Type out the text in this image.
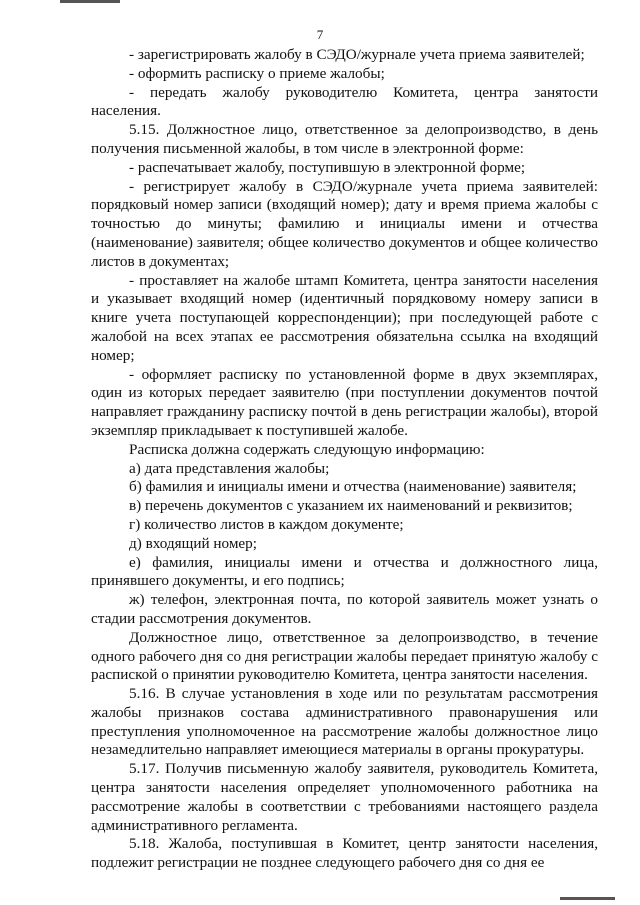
7

- зарегистрировать жалобу в СЭДО/журнале учета приема заявителей;

- оформить расписку о приеме жалобы;

- передать жалобу руководителю Комитета, центра занятости населения.

5.15. Должностное лицо, ответственное за делопроизводство, в день получения письменной жалобы, в том числе в электронной форме:

- распечатывает жалобу, поступившую в электронной форме;

- регистрирует жалобу в СЭДО/журнале учета приема заявителей: порядковый номер записи (входящий номер); дату и время приема жалобы с точностью до минуты; фамилию и инициалы имени и отчества (наименование) заявителя; общее количество документов и общее количество листов в документах;

- проставляет на жалобе штамп Комитета, центра занятости населения и указывает входящий номер (идентичный порядковому номеру записи в книге учета поступающей корреспонденции); при последующей работе с жалобой на всех этапах ее рассмотрения обязательна ссылка на входящий номер;

- оформляет расписку по установленной форме в двух экземплярах, один из которых передает заявителю (при поступлении документов почтой направляет гражданину расписку почтой в день регистрации жалобы), второй экземпляр прикладывает к поступившей жалобе.

Расписка должна содержать следующую информацию:

а) дата представления жалобы;

б) фамилия и инициалы имени и отчества (наименование) заявителя;

в) перечень документов с указанием их наименований и реквизитов;

г) количество листов в каждом документе;

д) входящий номер;

е) фамилия, инициалы имени и отчества и должностного лица, принявшего документы, и его подпись;

ж) телефон, электронная почта, по которой заявитель может узнать о стадии рассмотрения документов.

Должностное лицо, ответственное за делопроизводство, в течение одного рабочего дня со дня регистрации жалобы передает принятую жалобу с распиской о принятии руководителю Комитета, центра занятости населения.

5.16. В случае установления в ходе или по результатам рассмотрения жалобы признаков состава административного правонарушения или преступления уполномоченное на рассмотрение жалобы должностное лицо незамедлительно направляет имеющиеся материалы в органы прокуратуры.

5.17. Получив письменную жалобу заявителя, руководитель Комитета, центра занятости населения определяет уполномоченного работника на рассмотрение жалобы в соответствии с требованиями настоящего раздела административного регламента.

5.18. Жалоба, поступившая в Комитет, центр занятости населения, подлежит регистрации не позднее следующего рабочего дня со дня ее
